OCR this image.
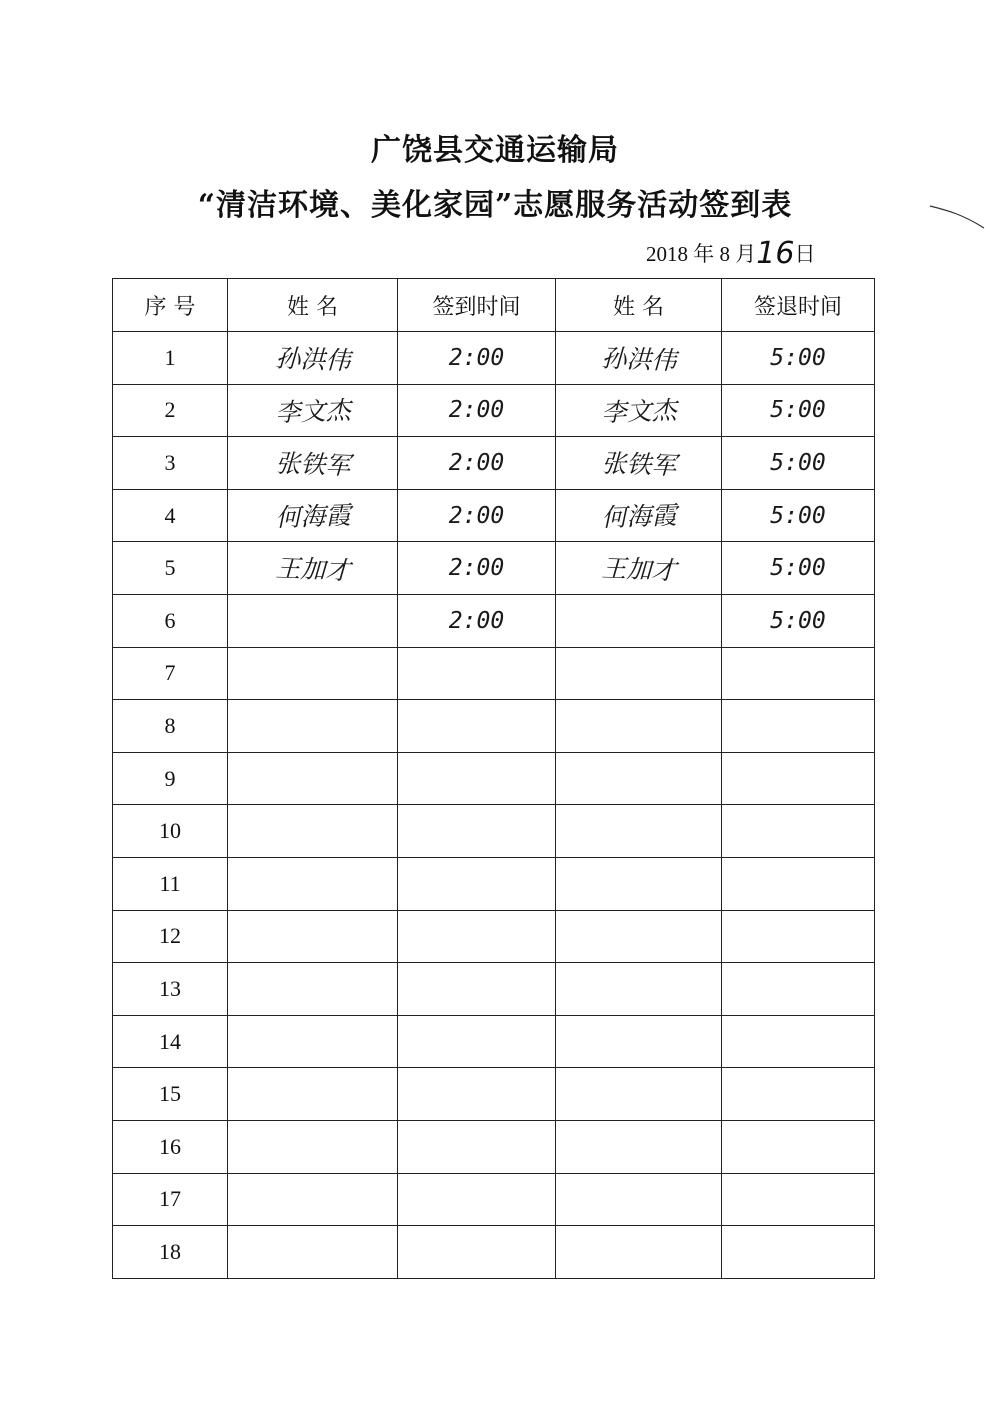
广饶县交通运输局
“清洁环境、美化家园”志愿服务活动签到表
2018 年 8 月16日
序 号	姓 名	签到时间	姓 名	签退时间
1	孙洪伟	2:00	孙洪伟	5:00
2	李文杰	2:00	李文杰	5:00
3	张铁军	2:00	张铁军	5:00
4	何海霞	2:00	何海霞	5:00
5	王加才	2:00	王加才	5:00
6		2:00		5:00
7				
8				
9				
10				
11				
12				
13				
14				
15				
16				
17				
18				
